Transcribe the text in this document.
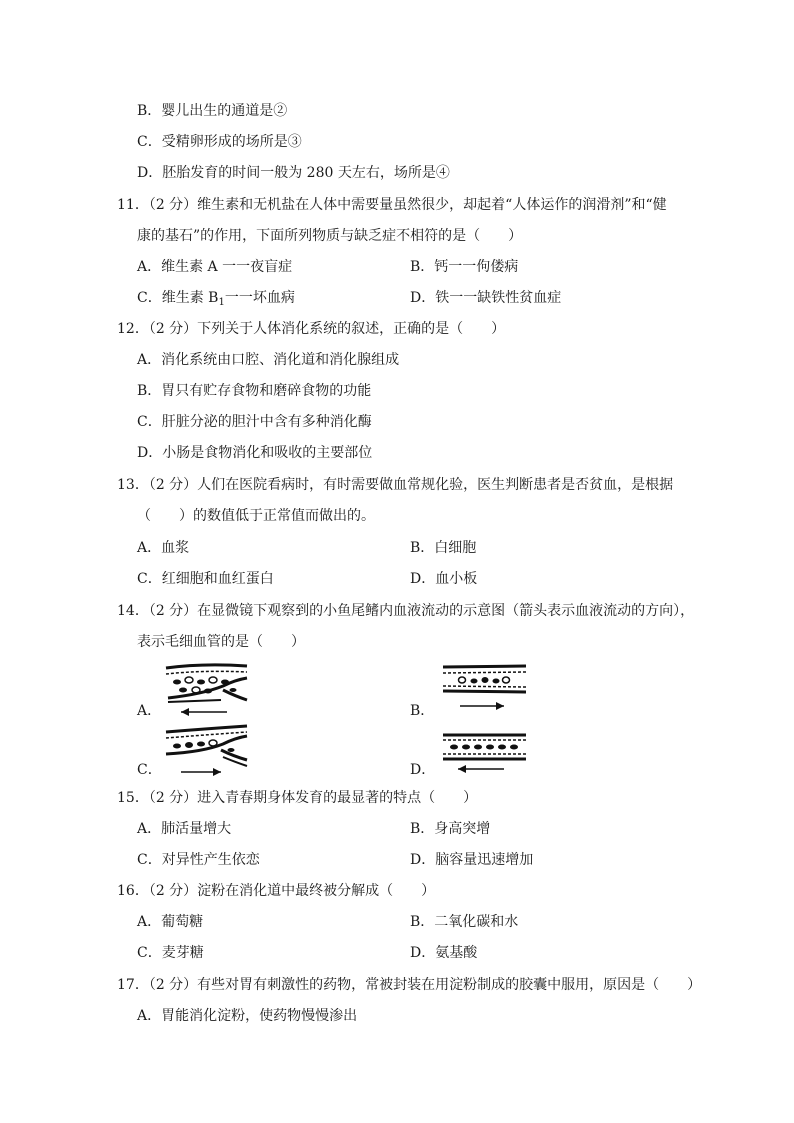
B．婴儿出生的通道是②
C．受精卵形成的场所是③
D．胚胎发育的时间一般为 280 天左右，场所是④
11．（2 分）维生素和无机盐在人体中需要量虽然很少，却起着“人体运作的润滑剂”和“健
康的基石”的作用，下面所列物质与缺乏症不相符的是（　　）
A．维生素 A 一一夜盲症	B．钙一一佝偻病
C．维生素 $B_1$一一坏血病	D．铁一一缺铁性贫血症
12．（2 分）下列关于人体消化系统的叙述，正确的是（　　）
A．消化系统由口腔、消化道和消化腺组成
B．胃只有贮存食物和磨碎食物的功能
C．肝脏分泌的胆汁中含有多种消化酶
D．小肠是食物消化和吸收的主要部位
13．（2 分）人们在医院看病时，有时需要做血常规化验，医生判断患者是否贫血，是根据
（　　）的数值低于正常值而做出的。
A．血浆	B．白细胞
C．红细胞和血红蛋白	D．血小板
14．（2 分）在显微镜下观察到的小鱼尾鳍内血液流动的示意图（箭头表示血液流动的方向），
表示毛细血管的是（　　）
A．	B．
C．	D．
15．（2 分）进入青春期身体发育的最显著的特点（　　）
A．肺活量增大	B．身高突增
C．对异性产生依恋	D．脑容量迅速增加
16．（2 分）淀粉在消化道中最终被分解成（　　）
A．葡萄糖	B．二氧化碳和水
C．麦芽糖	D．氨基酸
17．（2 分）有些对胃有刺激性的药物，常被封装在用淀粉制成的胶囊中服用，原因是（　　）
A．胃能消化淀粉，使药物慢慢渗出
